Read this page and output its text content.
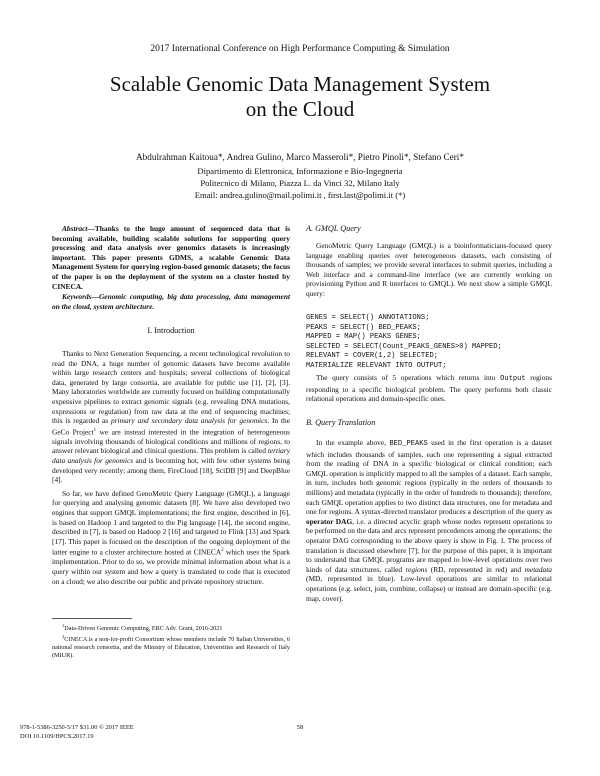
2017 International Conference on High Performance Computing & Simulation
Scalable Genomic Data Management System
on the Cloud
Abdulrahman Kaitoua*, Andrea Gulino, Marco Masseroli*, Pietro Pinoli*, Stefano Ceri*
Dipartimento di Elettronica, Informazione e Bio-Ingegneria
Politecnico di Milano, Piazza L. da Vinci 32, Milano Italy
Email: andrea.gulino@mail.polimi.it , first.last@polimi.it (*)

Abstract—Thanks to the huge amount of sequenced data that is becoming available, building scalable solutions for supporting query processing and data analysis over genomics datasets is increasingly important. This paper presents GDMS, a scalable Genomic Data Management System for querying region-based genomic datasets; the focus of the paper is on the deployment of the system on a cluster hosted by CINECA.

Keywords—Genomic computing, big data processing, data management on the cloud, system architecture.

I. Introduction

Thanks to Next Generation Sequencing, a recent technological revolution to read the DNA, a huge number of genomic datasets have become available within large research centers and hospitals; several collections of biological data, generated by large consortia, are available for public use [1], [2], [3]. Many laboratories worldwide are currently focused on building computationally expensive pipelines to extract genomic signals (e.g. revealing DNA mutations, expressions or regulation) from raw data at the end of sequencing machines; this is regarded as primary and secondary data analysis for genomics. In the GeCo Project$^1$ we are instead interested in the integration of heterogeneous signals involving thousands of biological conditions and millions of regions, to answer relevant biological and clinical questions. This problem is called tertiary data analysis for genomics and is becoming hot, with few other systems being developed very recently; among them, FireCloud [18], SciDB [9] and DeepBlue [4].

So far, we have defined GenoMetric Query Language (GMQL), a language for querying and analysing genomic datasets [8]. We have also developed two engines that support GMQL implementations; the first engine, described in [6], is based on Hadoop 1 and targeted to the Pig language [14], the second engine, described in [7], is based on Hadoop 2 [16] and targeted to Flink [13] and Spark [17]. This paper is focused on the description of the ongoing deployment of the latter engine to a cluster architecture hosted at CINECA$^2$ which uses the Spark implementation. Prior to do so, we provide minimal information about what is a query within our system and how a query is translated to code that is executed on a cloud; we also describe our public and private repository structure.

$^1$Data-Driven Genomic Computing, ERC Adv. Grant, 2016-2021

$^2$CINECA is a non-for-profit Consortium whose members include 70 Italian Universities, 6 national research consortia, and the Ministry of Education, Universities and Research of Italy (MIUR).

A. GMQL Query

GenoMetric Query Language (GMQL) is a bioinformaticians-focused query language enabling queries over heterogeneous datasets, each consisting of thousands of samples; we provide several interfaces to submit queries, including a Web interface and a command-line interface (we are currently working on provisioning Python and R interfaces to GMQL). We next show a simple GMQL query:

GENES = SELECT() ANNOTATIONS;
PEAKS = SELECT() BED_PEAKS;
MAPPED = MAP() PEAKS GENES;
SELECTED = SELECT(Count_PEAKS_GENES>0) MAPPED;
RELEVANT = COVER(1,2) SELECTED;
MATERIALIZE RELEVANT INTO OUTPUT;

The query consists of 5 operations which returns into Output regions responding to a specific biological problem. The query performs both classic relational operations and domain-specific ones.

B. Query Translation

In the example above, BED_PEAKS used in the first operation is a dataset which includes thousands of samples, each one representing a signal extracted from the reading of DNA in a specific biological or clinical condition; each GMQL operation is implicitly mapped to all the samples of a dataset. Each sample, in turn, includes both genomic regions (typically in the orders of thousands to millions) and metadata (typically in the order of hundreds to thousands); therefore, each GMQL operation applies to two distinct data structures, one for metadata and one for regions. A syntax-directed translator produces a description of the query as operator DAG, i.e. a directed acyclic graph whose nodes represent operations to be performed on the data and arcs represent precedences among the operations; the operator DAG corresponding to the above query is show in Fig. 1. The process of translation is discussed elsewhere [7]; for the purpose of this paper, it is important to understand that GMQL programs are mapped to low-level operations over two kinds of data structures, called regions (RD, represented in red) and metadata (MD, represented in blue). Low-level operations are similar to relational operations (e.g. select, join, combine, collapse) or instead are domain-specific (e.g. map, cover).

978-1-5386-3250-5/17 $31.00 © 2017 IEEE
DOI 10.1109/HPCS.2017.19
58
